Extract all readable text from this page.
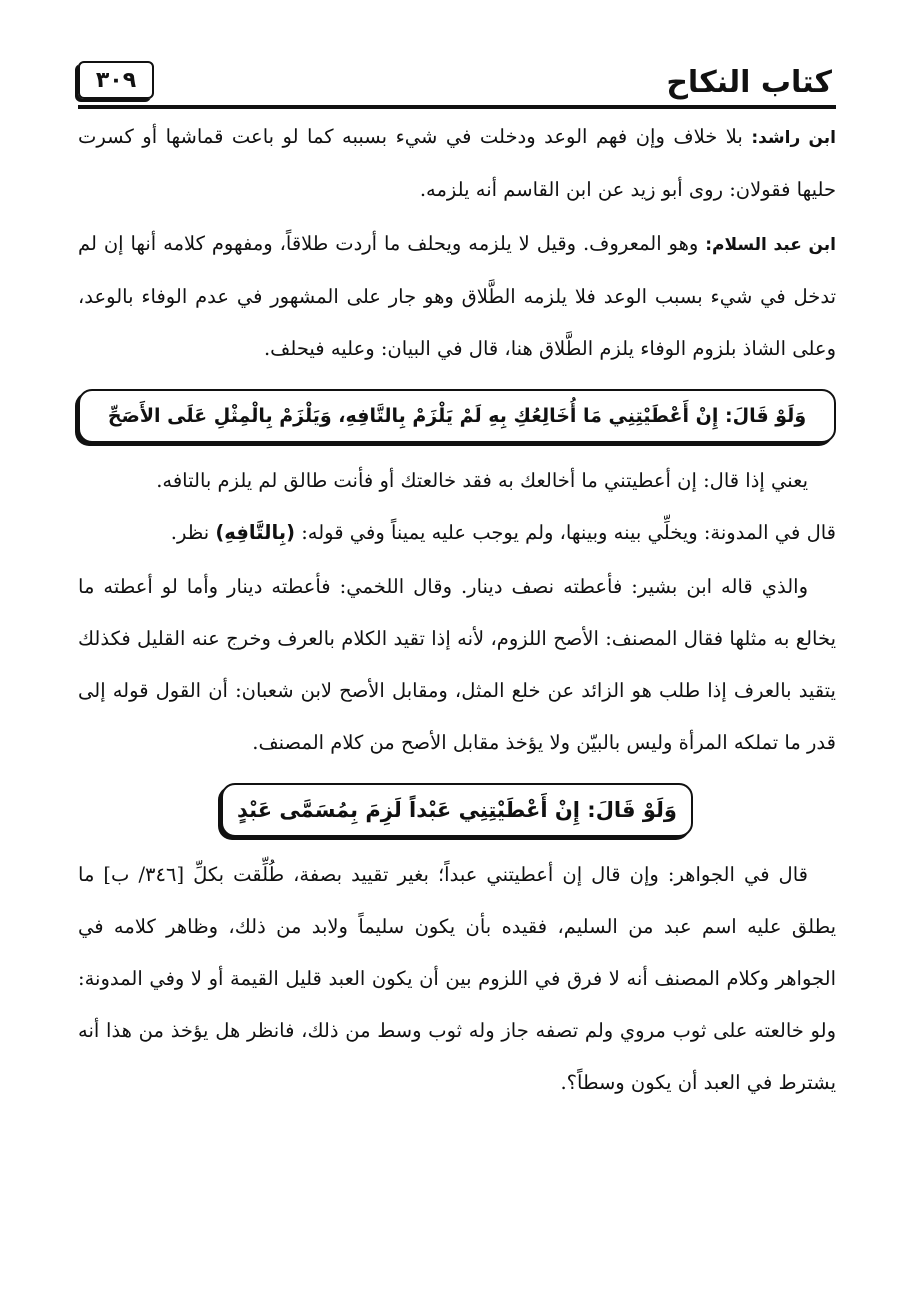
كتاب النكاح
٣٠٩

ابن راشد: بلا خلاف وإن فهم الوعد ودخلت في شيء بسببه كما لو باعت قماشها أو كسرت حليها فقولان: روى أبو زيد عن ابن القاسم أنه يلزمه.

ابن عبد السلام: وهو المعروف. وقيل لا يلزمه ويحلف ما أردت طلاقاً، ومفهوم كلامه أنها إن لم تدخل في شيء بسبب الوعد فلا يلزمه الطَّلاق وهو جار على المشهور في عدم الوفاء بالوعد، وعلى الشاذ بلزوم الوفاء يلزم الطَّلاق هنا، قال في البيان: وعليه فيحلف.

وَلَوْ قَالَ: إِنْ أَعْطَيْتِنِي مَا أُخَالِعُكِ بِهِ لَمْ يَلْزَمْ بِالتَّافِهِ، وَيَلْزَمْ بِالْمِثْلِ عَلَى الأَصَحِّ

يعني إذا قال: إن أعطيتني ما أخالعك به فقد خالعتك أو فأنت طالق لم يلزم بالتافه.

قال في المدونة: ويخلِّي بينه وبينها، ولم يوجب عليه يميناً وفي قوله: (بِالتَّافِهِ) نظر.

والذي قاله ابن بشير: فأعطته نصف دينار. وقال اللخمي: فأعطته دينار وأما لو أعطته ما يخالع به مثلها فقال المصنف: الأصح اللزوم، لأنه إذا تقيد الكلام بالعرف وخرج عنه القليل فكذلك يتقيد بالعرف إذا طلب هو الزائد عن خلع المثل، ومقابل الأصح لابن شعبان: أن القول قوله إلى قدر ما تملكه المرأة وليس بالبيّن ولا يؤخذ مقابل الأصح من كلام المصنف.

وَلَوْ قَالَ: إِنْ أَعْطَيْتِنِي عَبْداً لَزِمَ بِمُسَمَّى عَبْدٍ

قال في الجواهر: وإن قال إن أعطيتني عبداً؛ بغير تقييد بصفة، طُلِّقت بكلِّ [٣٤٦/ ب] ما يطلق عليه اسم عبد من السليم، فقيده بأن يكون سليماً ولابد من ذلك، وظاهر كلامه في الجواهر وكلام المصنف أنه لا فرق في اللزوم بين أن يكون العبد قليل القيمة أو لا وفي المدونة: ولو خالعته على ثوب مروي ولم تصفه جاز وله ثوب وسط من ذلك، فانظر هل يؤخذ من هذا أنه يشترط في العبد أن يكون وسطاً؟.
